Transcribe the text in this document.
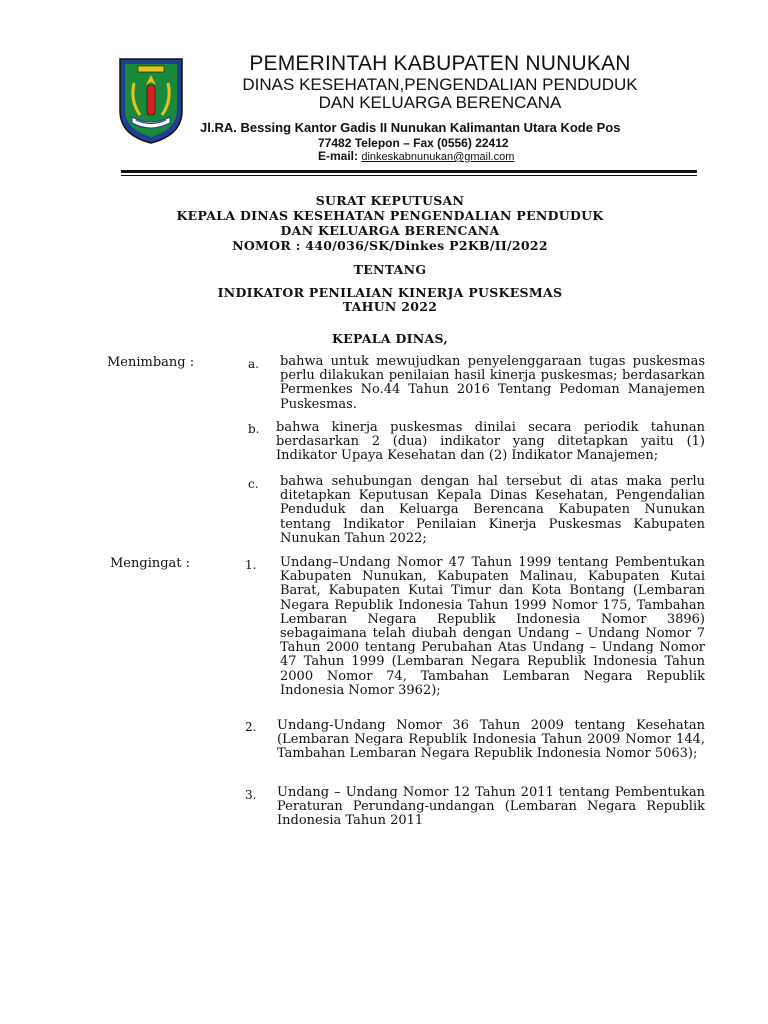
PEMERINTAH KABUPATEN NUNUKAN
DINAS KESEHATAN,PENGENDALIAN PENDUDUK
DAN KELUARGA BERENCANA
Jl.RA. Bessing Kantor Gadis II Nunukan Kalimantan Utara Kode Pos
77482 Telepon – Fax (0556) 22412
E-mail: dinkeskabnunukan@gmail.com
SURAT KEPUTUSAN
KEPALA DINAS KESEHATAN PENGENDALIAN PENDUDUK
DAN KELUARGA BERENCANA
NOMOR : 440/036/SK/Dinkes P2KB/II/2022
TENTANG
INDIKATOR PENILAIAN KINERJA PUSKESMAS
TAHUN 2022
KEPALA DINAS,
Menimbang :	a. bahwa untuk mewujudkan penyelenggaraan tugas puskesmas perlu dilakukan penilaian hasil kinerja puskesmas; berdasarkan Permenkes No.44 Tahun 2016 Tentang Pedoman Manajemen Puskesmas.
b. bahwa kinerja puskesmas dinilai secara periodik tahunan berdasarkan 2 (dua) indikator yang ditetapkan yaitu (1) Indikator Upaya Kesehatan dan (2) Indikator Manajemen;
c. bahwa sehubungan dengan hal tersebut di atas maka perlu ditetapkan Keputusan Kepala Dinas Kesehatan, Pengendalian Penduduk dan Keluarga Berencana Kabupaten Nunukan tentang Indikator Penilaian Kinerja Puskesmas Kabupaten Nunukan Tahun 2022;
Mengingat :	1. Undang–Undang Nomor 47 Tahun 1999 tentang Pembentukan Kabupaten Nunukan, Kabupaten Malinau, Kabupaten Kutai Barat, Kabupaten Kutai Timur dan Kota Bontang (Lembaran Negara Republik Indonesia Tahun 1999 Nomor 175, Tambahan Lembaran Negara Republik Indonesia Nomor 3896) sebagaimana telah diubah dengan Undang – Undang Nomor 7 Tahun 2000 tentang Perubahan Atas Undang – Undang Nomor 47 Tahun 1999 (Lembaran Negara Republik Indonesia Tahun 2000 Nomor 74, Tambahan Lembaran Negara Republik Indonesia Nomor 3962);
2. Undang-Undang Nomor 36 Tahun 2009 tentang Kesehatan (Lembaran Negara Republik Indonesia Tahun 2009 Nomor 144, Tambahan Lembaran Negara Republik Indonesia Nomor 5063);
3. Undang – Undang Nomor 12 Tahun 2011 tentang Pembentukan Peraturan Perundang-undangan (Lembaran Negara Republik Indonesia Tahun 2011
